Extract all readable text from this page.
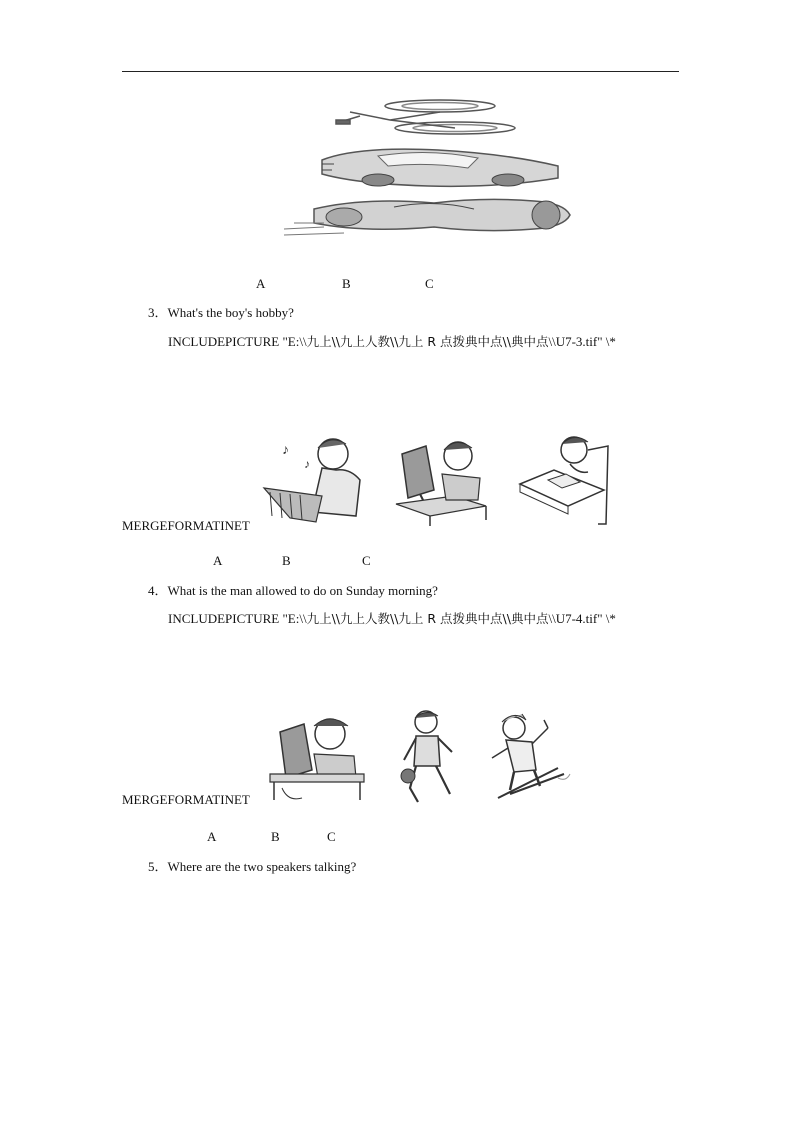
A	B	C
3．What's the boy's hobby?
INCLUDEPICTURE "E:\\九上\\九上人教\\九上 R 点拨典中点\\典中点\\U7-3.tif" \*
♪
♪
MERGEFORMATINET
A	B	C
4．What is the man allowed to do on Sunday morning?
INCLUDEPICTURE "E:\\九上\\九上人教\\九上 R 点拨典中点\\典中点\\U7-4.tif" \*
MERGEFORMATINET
A	B	C
5．Where are the two speakers talking?
